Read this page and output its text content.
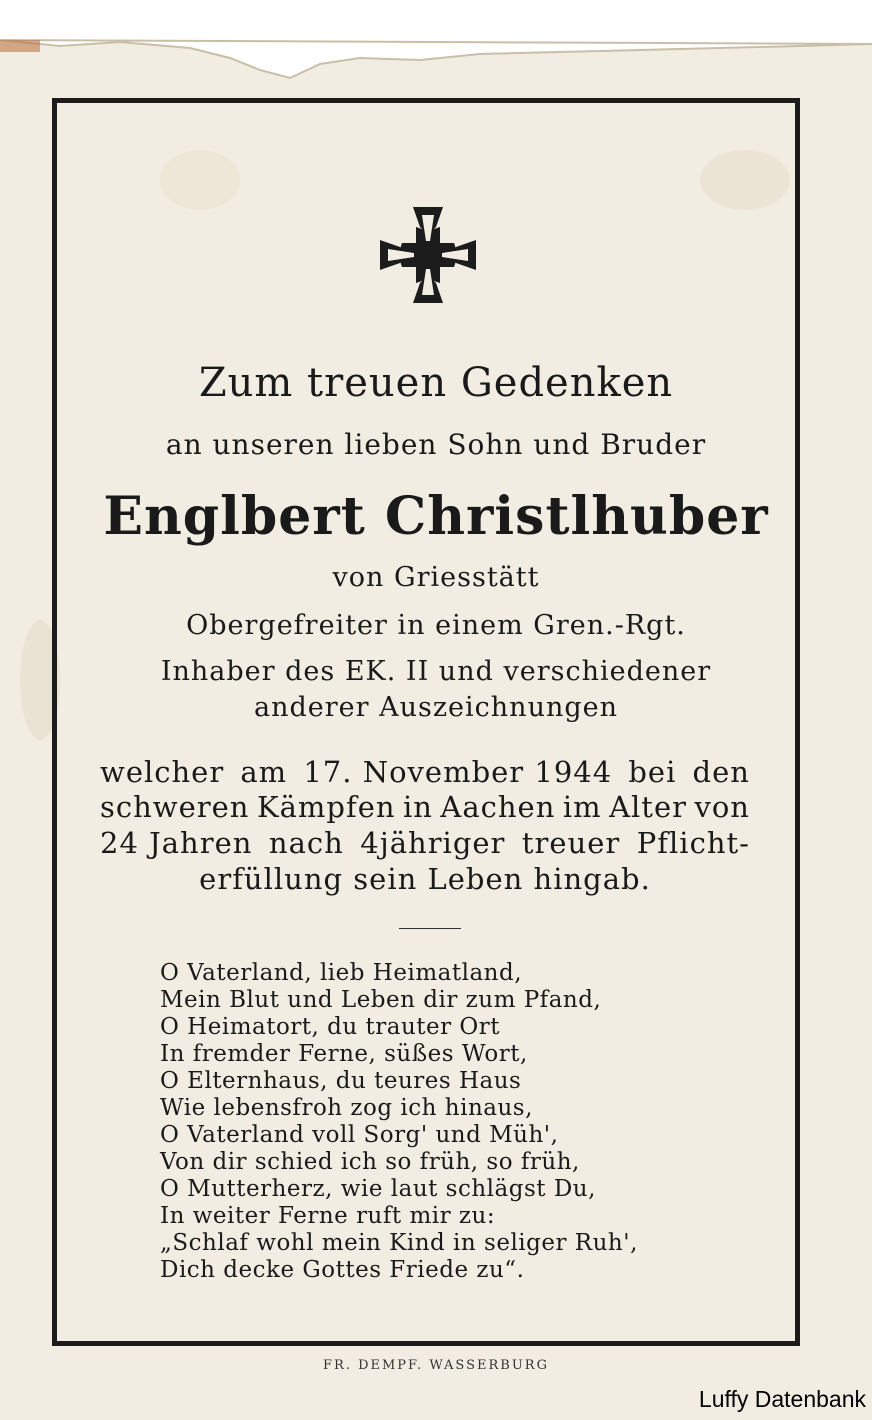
Zum treuen Gedenken
an unseren lieben Sohn und Bruder
Englbert Christlhuber
von Griesstätt
Obergefreiter in einem Gren.-Rgt.
Inhaber des EK. II und verschiedener
anderer Auszeichnungen
welcher am 17. November 1944 bei den
schweren Kämpfen in Aachen im Alter von
24 Jahren nach 4jähriger treuer Pflicht-
erfüllung sein Leben hingab.
O Vaterland, lieb Heimatland,
Mein Blut und Leben dir zum Pfand,
O Heimatort, du trauter Ort
In fremder Ferne, süßes Wort,
O Elternhaus, du teures Haus
Wie lebensfroh zog ich hinaus,
O Vaterland voll Sorg' und Müh',
Von dir schied ich so früh, so früh,
O Mutterherz, wie laut schlägst Du,
In weiter Ferne ruft mir zu:
„Schlaf wohl mein Kind in seliger Ruh',
Dich decke Gottes Friede zu“.
FR. DEMPF. WASSERBURG
Luffy Datenbank
